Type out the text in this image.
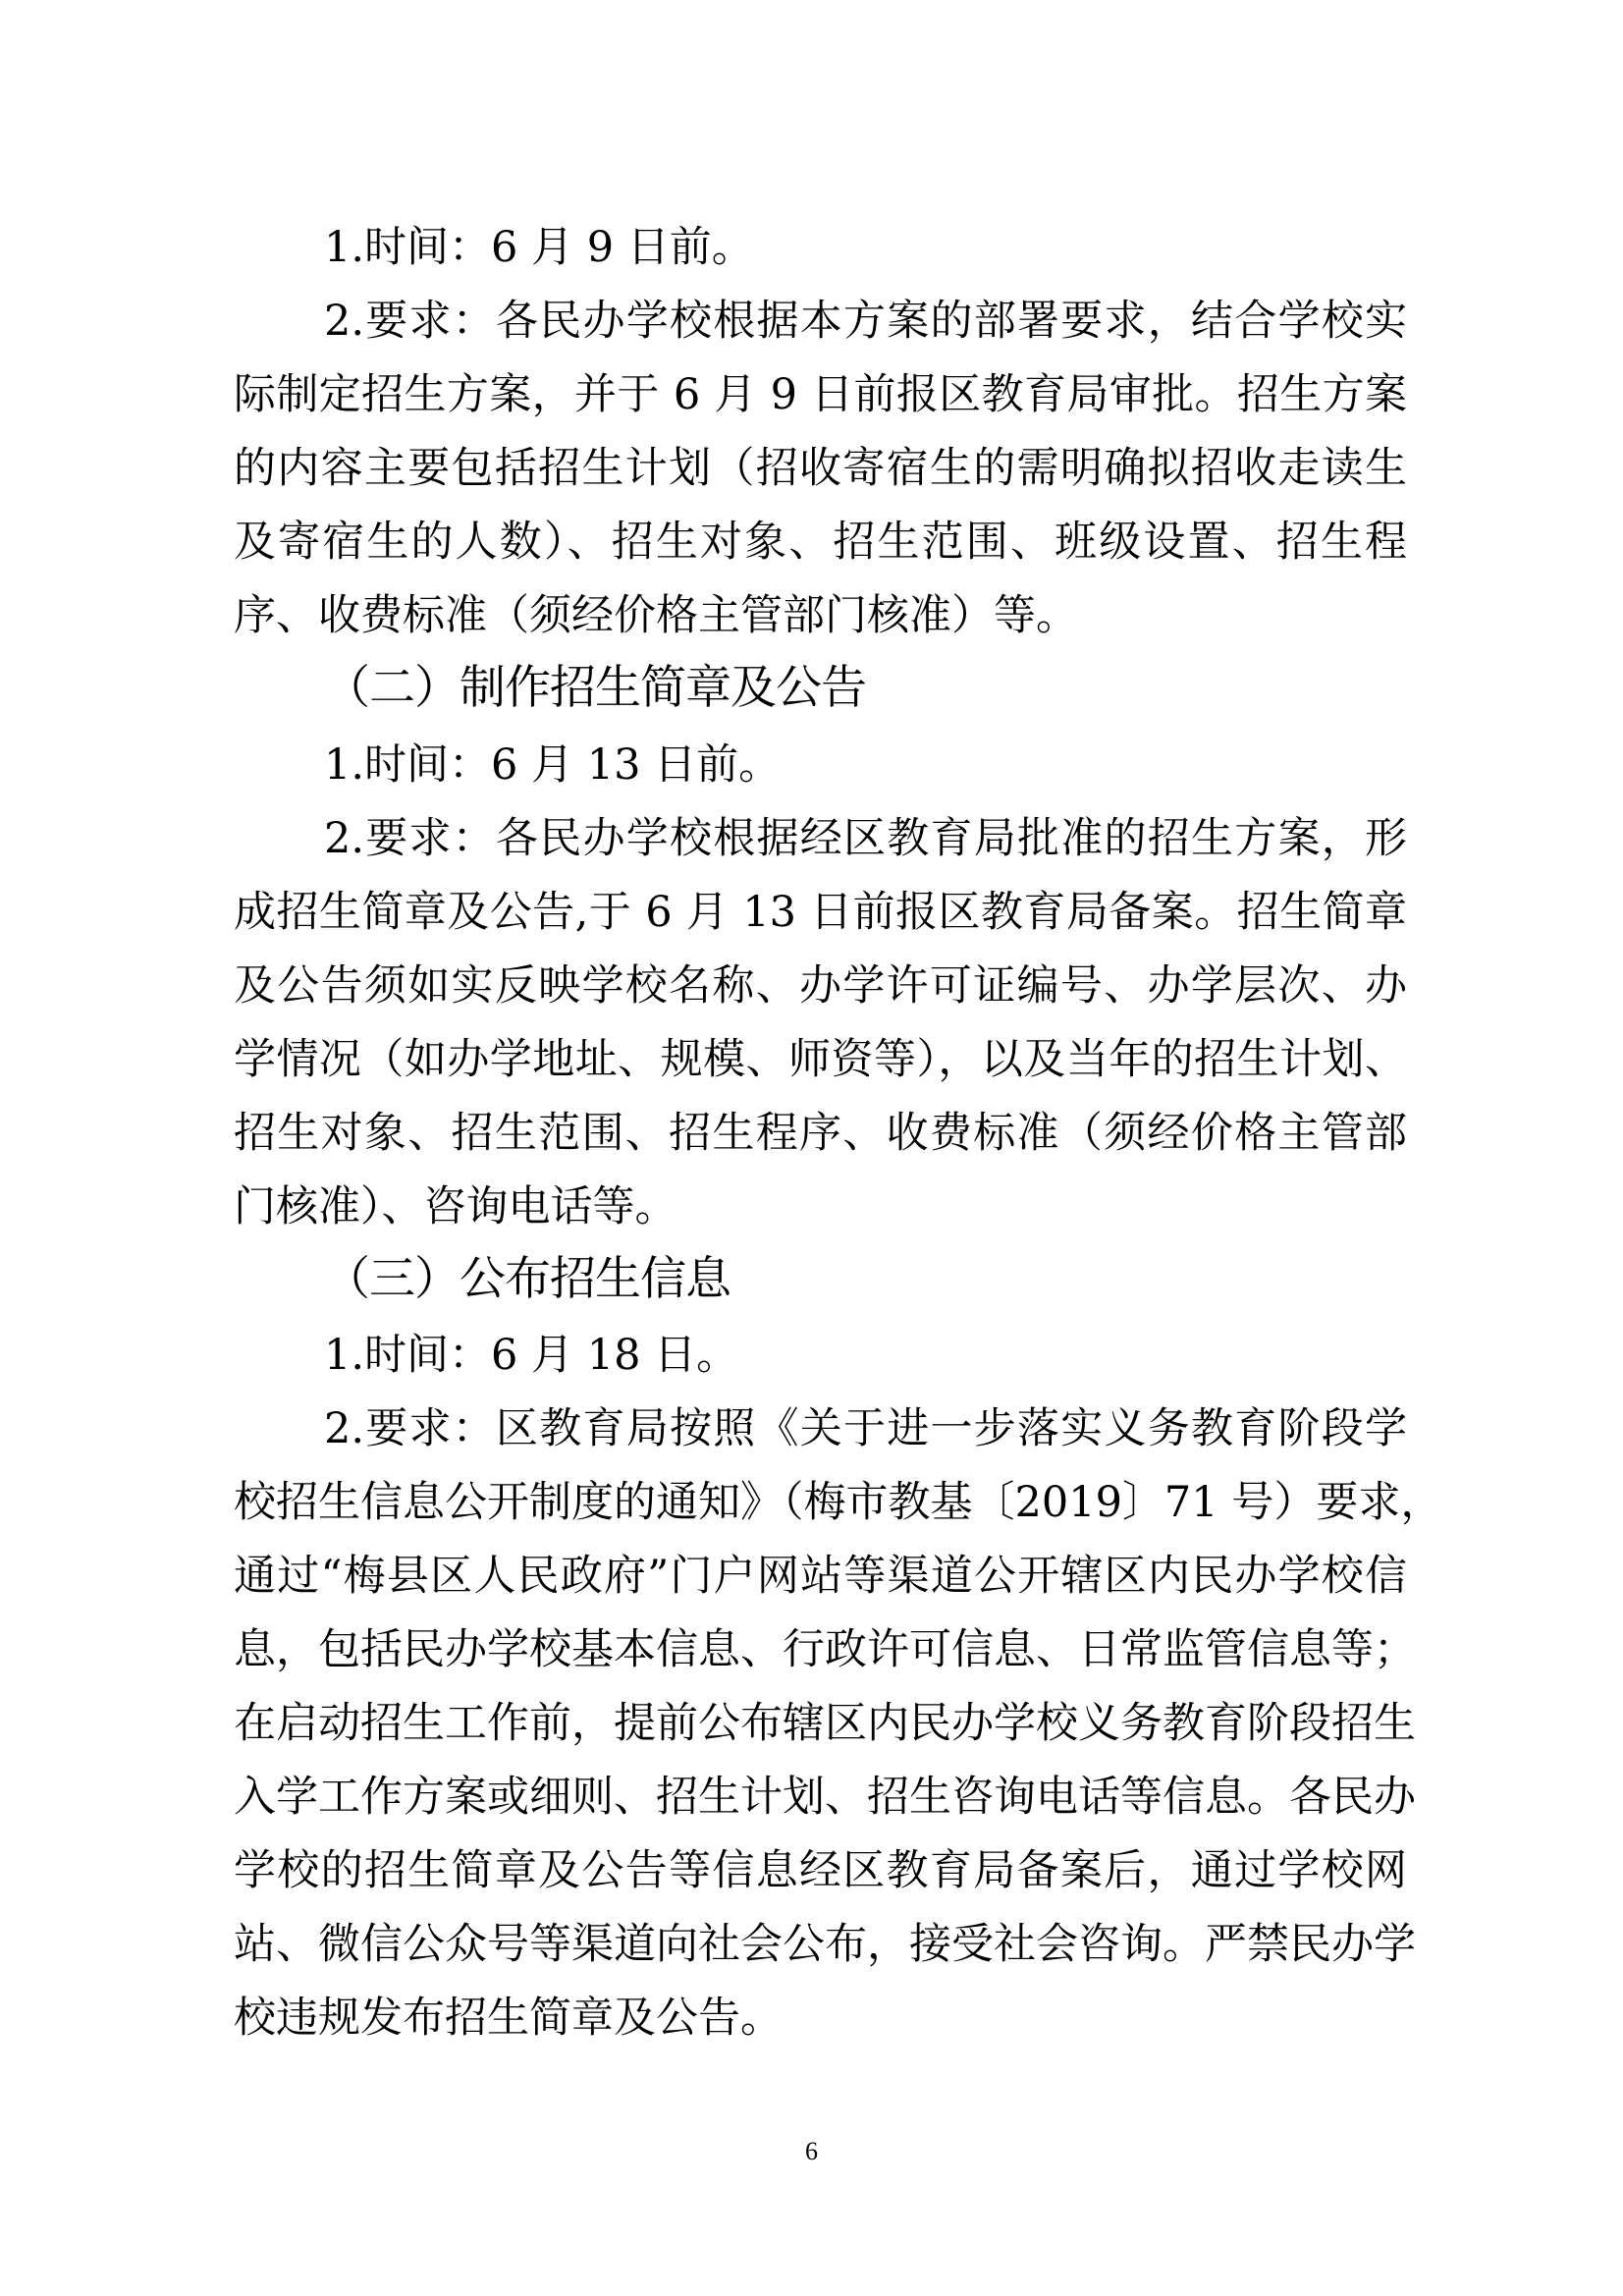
1.时间：6 月 9 日前。
2.要求：各民办学校根据本方案的部署要求，结合学校实
际制定招生方案，并于 6 月 9 日前报区教育局审批。招生方案
的内容主要包括招生计划（招收寄宿生的需明确拟招收走读生
及寄宿生的人数）、招生对象、招生范围、班级设置、招生程
序、收费标准（须经价格主管部门核准）等。
（二）制作招生简章及公告
1.时间：6 月 13 日前。
2.要求：各民办学校根据经区教育局批准的招生方案，形
成招生简章及公告,于 6 月 13 日前报区教育局备案。招生简章
及公告须如实反映学校名称、办学许可证编号、办学层次、办
学情况（如办学地址、规模、师资等），以及当年的招生计划、
招生对象、招生范围、招生程序、收费标准（须经价格主管部
门核准）、咨询电话等。
（三）公布招生信息
1.时间：6 月 18 日。
2.要求：区教育局按照《关于进一步落实义务教育阶段学
校招生信息公开制度的通知》（梅市教基〔2019〕71 号）要求，
通过“梅县区人民政府”门户网站等渠道公开辖区内民办学校信
息，包括民办学校基本信息、行政许可信息、日常监管信息等；
在启动招生工作前，提前公布辖区内民办学校义务教育阶段招生
入学工作方案或细则、招生计划、招生咨询电话等信息。各民办
学校的招生简章及公告等信息经区教育局备案后，通过学校网
站、微信公众号等渠道向社会公布，接受社会咨询。严禁民办学
校违规发布招生简章及公告。
6
